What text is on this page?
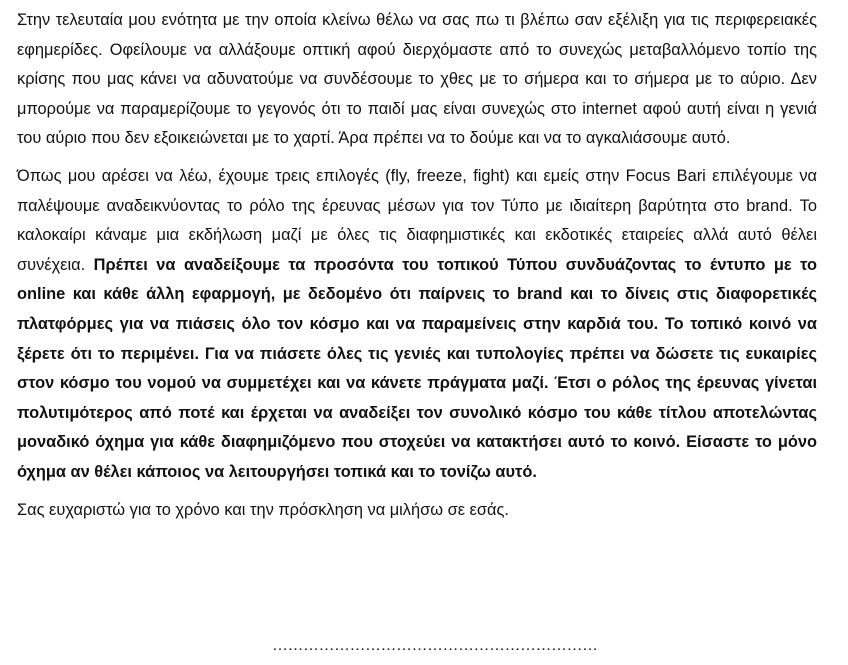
Στην τελευταία μου ενότητα με την οποία κλείνω θέλω να σας πω τι βλέπω σαν εξέλιξη για τις περιφερειακές εφημερίδες. Οφείλουμε να αλλάξουμε οπτική αφού διερχόμαστε από το συνεχώς μεταβαλλόμενο τοπίο της κρίσης που μας κάνει να αδυνατούμε να συνδέσουμε το χθες με το σήμερα και το σήμερα με το αύριο. Δεν μπορούμε να παραμερίζουμε το γεγονός ότι το παιδί μας είναι συνεχώς στο internet αφού αυτή είναι η γενιά του αύριο που δεν εξοικειώνεται με το χαρτί. Άρα πρέπει να το δούμε και να το αγκαλιάσουμε αυτό.

Όπως μου αρέσει να λέω, έχουμε τρεις επιλογές (fly, freeze, fight) και εμείς στην Focus Bari επιλέγουμε να παλέψουμε αναδεικνύοντας το ρόλο της έρευνας μέσων για τον Τύπο με ιδιαίτερη βαρύτητα στο brand. Το καλοκαίρι κάναμε μια εκδήλωση μαζί με όλες τις διαφημιστικές και εκδοτικές εταιρείες αλλά αυτό θέλει συνέχεια. Πρέπει να αναδείξουμε τα προσόντα του τοπικού Τύπου συνδυάζοντας το έντυπο με το online και κάθε άλλη εφαρμογή, με δεδομένο ότι παίρνεις το brand και το δίνεις στις διαφορετικές πλατφόρμες για να πιάσεις όλο τον κόσμο και να παραμείνεις στην καρδιά του. Το τοπικό κοινό να ξέρετε ότι το περιμένει. Για να πιάσετε όλες τις γενιές και τυπολογίες πρέπει να δώσετε τις ευκαιρίες στον κόσμο του νομού να συμμετέχει και να κάνετε πράγματα μαζί. Έτσι ο ρόλος της έρευνας γίνεται πολυτιμότερος από ποτέ και έρχεται να αναδείξει τον συνολικό κόσμο του κάθε τίτλου αποτελώντας μοναδικό όχημα για κάθε διαφημιζόμενο που στοχεύει να κατακτήσει αυτό το κοινό. Είσαστε το μόνο όχημα αν θέλει κάποιος να λειτουργήσει τοπικά και το τονίζω αυτό.

Σας ευχαριστώ για το χρόνο και την πρόσκληση να μιλήσω σε εσάς.

………………………………………………………
